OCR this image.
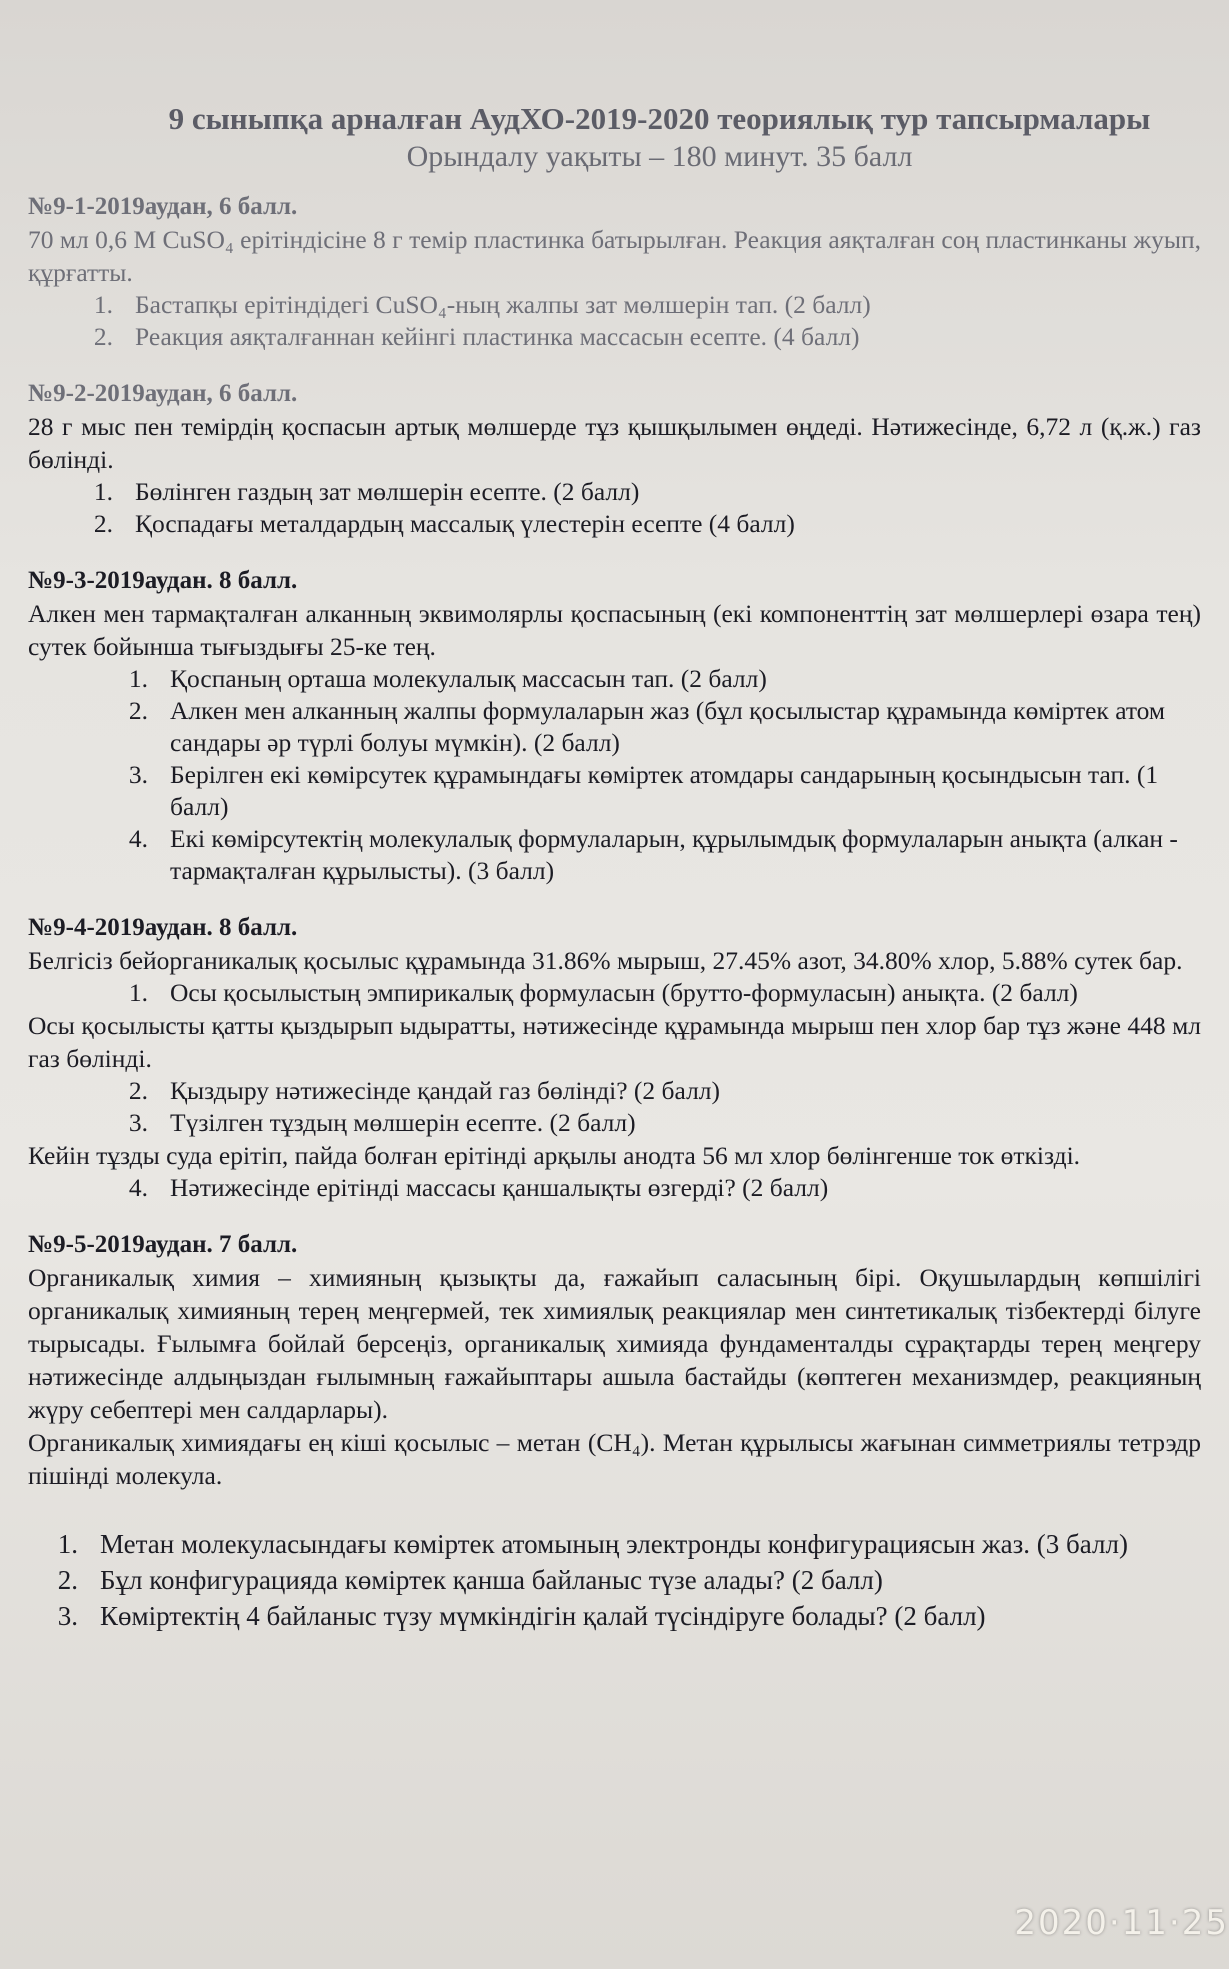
9 сыныпқа арналған АудХО-2019-2020 теориялық тур тапсырмалары
Орындалу уақыты – 180 минут. 35 балл
№9-1-2019аудан, 6 балл.
70 мл 0,6 М CuSO₄ ерітіндісіне 8 г темір пластинка батырылған. Реакция аяқталған соң пластинканы жуып, құрғатты.
1. Бастапқы ерітіндідегі CuSO₄-ның жалпы зат мөлшерін тап. (2 балл)
2. Реакция аяқталғаннан кейінгі пластинка массасын есепте. (4 балл)
№9-2-2019аудан, 6 балл.
28 г мыс пен темірдің қоспасын артық мөлшерде тұз қышқылымен өңдеді. Нәтижесінде, 6,72 л (қ.ж.) газ бөлінді.
1. Бөлінген газдың зат мөлшерін есепте. (2 балл)
2. Қоспадағы металдардың массалық үлестерін есепте (4 балл)
№9-3-2019аудан. 8 балл.
Алкен мен тармақталған алканның эквимолярлы қоспасының (екі компоненттің зат мөлшерлері өзара тең) сутек бойынша тығыздығы 25-ке тең.
1. Қоспаның орташа молекулалық массасын тап. (2 балл)
2. Алкен мен алканның жалпы формулаларын жаз (бұл қосылыстар құрамында көміртек атом сандары әр түрлі болуы мүмкін). (2 балл)
3. Берілген екі көмірсутек құрамындағы көміртек атомдары сандарының қосындысын тап. (1 балл)
4. Екі көмірсутектің молекулалық формулаларын, құрылымдық формулаларын анықта (алкан - тармақталған құрылысты). (3 балл)
№9-4-2019аудан. 8 балл.
Белгісіз бейорганикалық қосылыс құрамында 31.86% мырыш, 27.45% азот, 34.80% хлор, 5.88% сутек бар.
1. Осы қосылыстың эмпирикалық формуласын (брутто-формуласын) анықта. (2 балл)
Осы қосылысты қатты қыздырып ыдыратты, нәтижесінде құрамында мырыш пен хлор бар тұз және 448 мл газ бөлінді.
2. Қыздыру нәтижесінде қандай газ бөлінді? (2 балл)
3. Түзілген тұздың мөлшерін есепте. (2 балл)
Кейін тұзды суда ерітіп, пайда болған ерітінді арқылы анодта 56 мл хлор бөлінгенше ток өткізді.
4. Нәтижесінде ерітінді массасы қаншалықты өзгерді? (2 балл)
№9-5-2019аудан. 7 балл.
Органикалық химия – химияның қызықты да, ғажайып саласының бірі. Оқушылардың көпшілігі органикалық химияның терең меңгермей, тек химиялық реакциялар мен синтетикалық тізбектерді білуге тырысады. Ғылымға бойлай берсеңіз, органикалық химияда фундаменталды сұрақтарды терең меңгеру нәтижесінде алдыңыздан ғылымның ғажайыптары ашыла бастайды (көптеген механизмдер, реакцияның жүру себептері мен салдарлары).
Органикалық химиядағы ең кіші қосылыс – метан (CH₄). Метан құрылысы жағынан симметриялы тетрэдр пішінді молекула.
1. Метан молекуласындағы көміртек атомының электронды конфигурациясын жаз. (3 балл)
2. Бұл конфигурацияда көміртек қанша байланыс түзе алады? (2 балл)
3. Көміртектің 4 байланыс түзу мүмкіндігін қалай түсіндіруге болады? (2 балл)
2020·11·25
